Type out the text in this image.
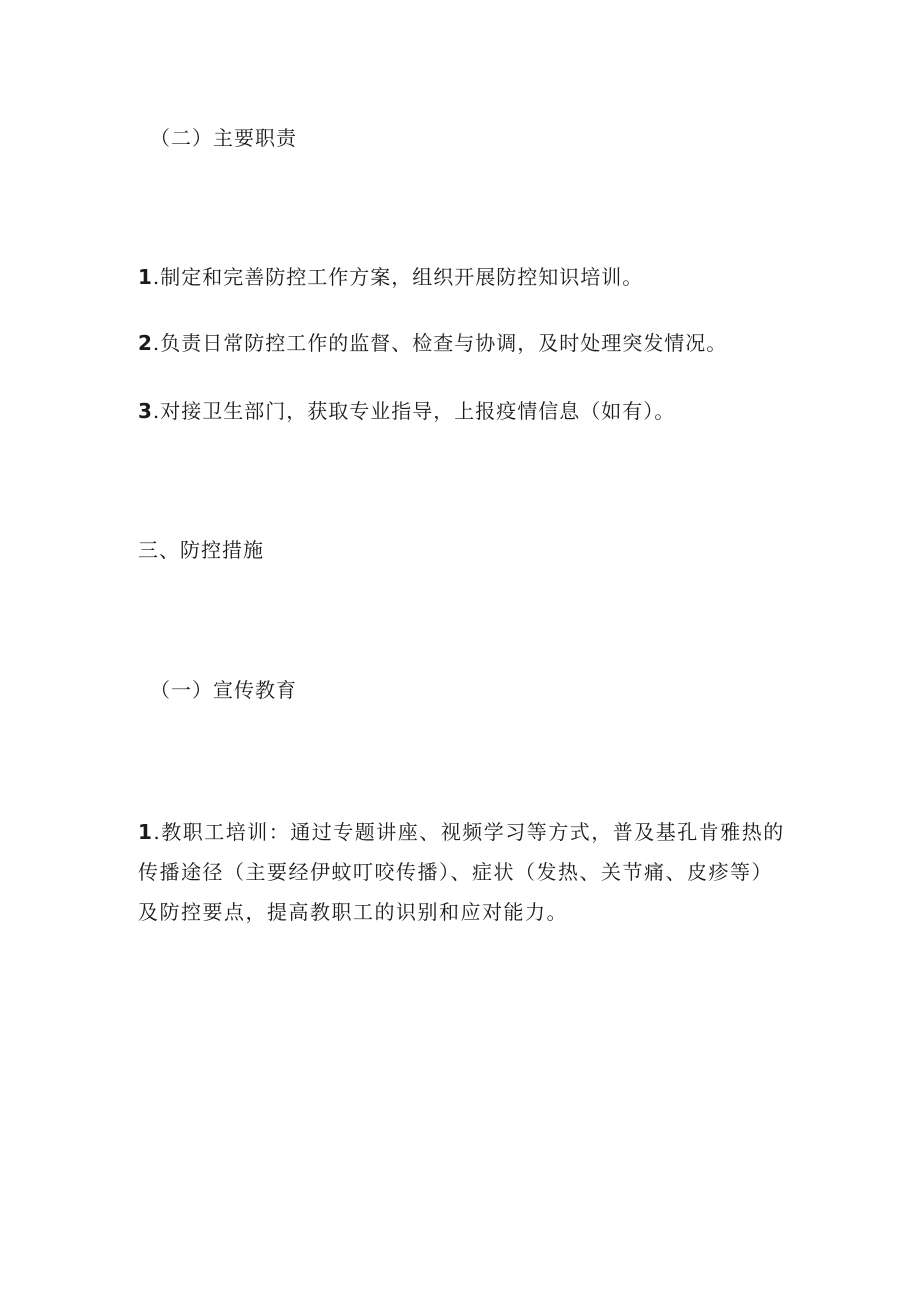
（二）主要职责
1.制定和完善防控工作方案，组织开展防控知识培训。
2.负责日常防控工作的监督、检查与协调，及时处理突发情况。
3.对接卫生部门，获取专业指导，上报疫情信息（如有）。
三、防控措施
（一）宣传教育
1.教职工培训：通过专题讲座、视频学习等方式，普及基孔肯雅热的传播途径（主要经伊蚊叮咬传播）、症状（发热、关节痛、皮疹等）及防控要点，提高教职工的识别和应对能力。
